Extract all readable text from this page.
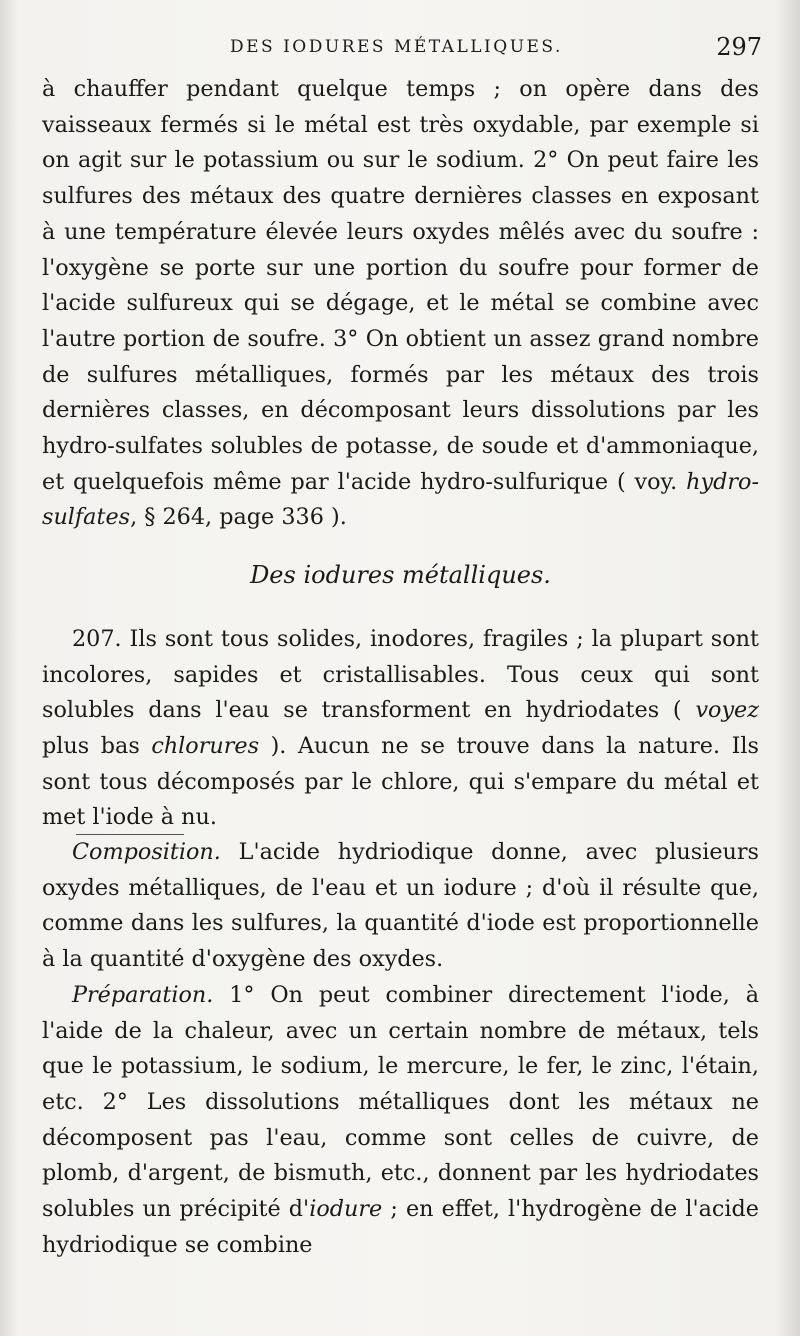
DES IODURES MÉTALLIQUES.	297

à chauffer pendant quelque temps ; on opère dans des vaisseaux fermés si le métal est très oxydable, par exemple si on agit sur le potassium ou sur le sodium. 2° On peut faire les sulfures des métaux des quatre dernières classes en exposant à une température élevée leurs oxydes mêlés avec du soufre : l'oxygène se porte sur une portion du soufre pour former de l'acide sulfureux qui se dégage, et le métal se combine avec l'autre portion de soufre. 3° On obtient un assez grand nombre de sulfures métalliques, formés par les métaux des trois dernières classes, en décomposant leurs dissolutions par les hydro-sulfates solubles de potasse, de soude et d'ammoniaque, et quelquefois même par l'acide hydro-sulfurique ( voy. hydro-sulfates, § 264, page 336 ).

Des iodures métalliques.

207. Ils sont tous solides, inodores, fragiles ; la plupart sont incolores, sapides et cristallisables. Tous ceux qui sont solubles dans l'eau se transforment en hydriodates ( voyez plus bas chlorures ). Aucun ne se trouve dans la nature. Ils sont tous décomposés par le chlore, qui s'empare du métal et met l'iode à nu.

Composition. L'acide hydriodique donne, avec plusieurs oxydes métalliques, de l'eau et un iodure ; d'où il résulte que, comme dans les sulfures, la quantité d'iode est proportionnelle à la quantité d'oxygène des oxydes.

Préparation. 1° On peut combiner directement l'iode, à l'aide de la chaleur, avec un certain nombre de métaux, tels que le potassium, le sodium, le mercure, le fer, le zinc, l'étain, etc. 2° Les dissolutions métalliques dont les métaux ne décomposent pas l'eau, comme sont celles de cuivre, de plomb, d'argent, de bismuth, etc., donnent par les hydriodates solubles un précipité d'iodure ; en effet, l'hydrogène de l'acide hydriodique se combine
